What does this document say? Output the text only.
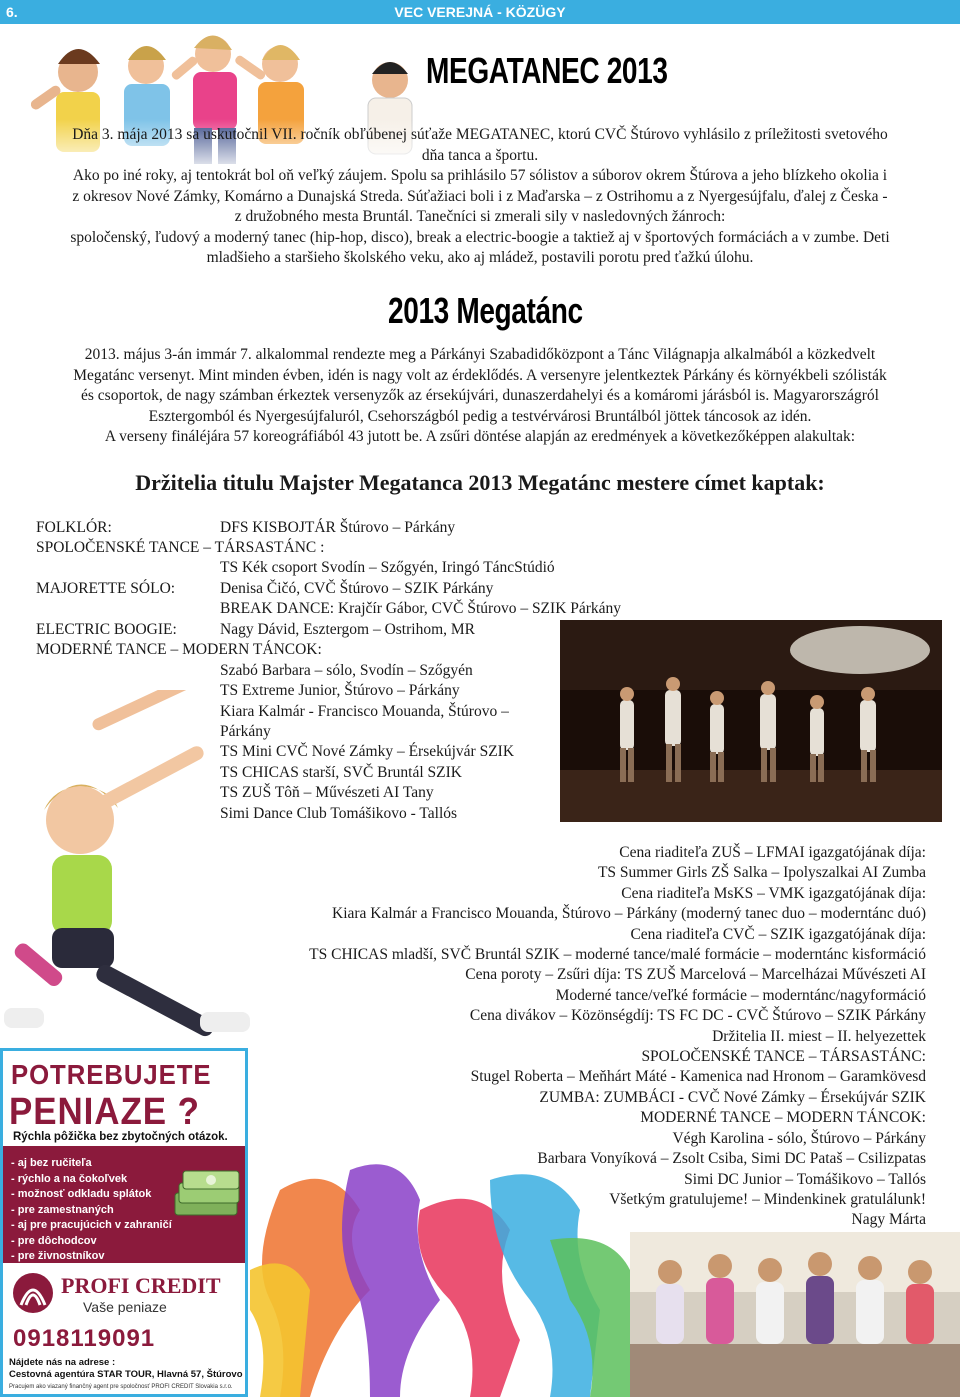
6.	VEC VEREJNÁ - KÖZÜGY
MEGATANEC 2013

Dňa 3. mája 2013 sa uskutočnil VII. ročník obľúbenej súťaže MEGATANEC, ktorú CVČ Štúrovo vyhlásilo z príležitosti svetového

dňa tanca a športu.

Ako po iné roky, aj tentokrát bol oň veľký záujem. Spolu sa prihlásilo 57 sólistov a súborov okrem Štúrova a jeho blízkeho okolia i

z okresov Nové Zámky, Komárno a Dunajská Streda. Súťažiaci boli i z Maďarska – z Ostrihomu a z Nyergesújfalu, ďalej z Česka -

z družobného mesta Bruntál. Tanečníci si zmerali sily v nasledovných žánroch:

spoločenský, ľudový a moderný tanec (hip-hop, disco), break a electric-boogie a taktiež aj v športových formáciách a v zumbe. Deti

mladšieho a staršieho školského veku, ako aj mládež, postavili porotu pred ťažkú úlohu.

2013 Megatánc

2013. május 3-án immár 7. alkalommal rendezte meg a Párkányi Szabadidőközpont a Tánc Világnapja alkalmából a közkedvelt

Megatánc versenyt. Mint minden évben, idén is nagy volt az érdeklődés. A versenyre jelentkeztek Párkány és környékbeli szólisták

és csoportok, de nagy számban érkeztek versenyzők az érsekújvári, dunaszerdahelyi és a komáromi járásból is. Magyarországról

Esztergomból és Nyergesújfaluról, Csehországból pedig a testvérvárosi Bruntálból jöttek táncosok az idén.

A verseny fináléjára 57 koreográfiából 43 jutott be. A zsűri döntése alapján az eredmények a következőképpen alakultak:

Držitelia titulu Majster Megatanca 2013 Megatánc mestere címet kaptak:
FOLKLÓR:	DFS KISBOJTÁR Štúrovo – Párkány
SPOLOČENSKÉ TANCE – TÁRSASTÁNC :
TS Kék csoport Svodín – Szőgyén, Iringó TáncStúdió
MAJORETTE SÓLO:	Denisa Čičó, CVČ Štúrovo – SZIK Párkány
BREAK DANCE: Krajčír Gábor, CVČ Štúrovo – SZIK Párkány
ELECTRIC BOOGIE:	Nagy Dávid, Esztergom – Ostrihom, MR
MODERNÉ TANCE – MODERN TÁNCOK:
Szabó Barbara – sólo, Svodín – Szőgyén
TS Extreme Junior, Štúrovo – Párkány
Kiara Kalmár - Francisco Mouanda, Štúrovo –
Párkány
TS Mini CVČ Nové Zámky – Érsekújvár SZIK
TS CHICAS starší, SVČ Bruntál SZIK
TS ZUŠ Tôň – Művészeti AI Tany
Simi Dance Club Tomášikovo - Tallós
Cena riaditeľa ZUŠ – LFMAI igazgatójának díja:
TS Summer Girls ZŠ Salka – Ipolyszalkai AI Zumba
Cena riaditeľa MsKS – VMK igazgatójának díja:
Kiara Kalmár a Francisco Mouanda, Štúrovo – Párkány (moderný tanec duo – moderntánc duó)
Cena riaditeľa CVČ – SZIK igazgatójának díja:
TS CHICAS mladší, SVČ Bruntál SZIK – moderné tance/malé formácie – moderntánc kisformáció
Cena poroty – Zsűri díja: TS ZUŠ Marcelová – Marcelházai Művészeti AI
Moderné tance/veľké formácie – moderntánc/nagyformáció
Cena divákov – Közönségdíj: TS FC DC - CVČ Štúrovo – SZIK Párkány
Držitelia II. miest – II. helyezettek
SPOLOČENSKÉ TANCE – TÁRSASTÁNC:
Stugel Roberta – Meňhárt Máté - Kamenica nad Hronom – Garamkövesd
ZUMBA: ZUMBÁCI - CVČ Nové Zámky – Érsekújvár SZIK
MODERNÉ TANCE – MODERN TÁNCOK:
Végh Karolina - sólo, Štúrovo – Párkány
Barbara Vonyíková – Zsolt Csiba, Simi DC Pataš – Csilizpatas
Simi DC Junior – Tomášikovo – Tallós
Všetkým gratulujeme! – Mindenkinek gratulálunk!
Nagy Márta
POTREBUJETE
PENIAZE ?
Rýchla pôžička bez zbytočných otázok.
- aj bez ručiteľa
- rýchlo a na čokoľvek
- možnosť odkladu splátok
- pre zamestnaných
- aj pre pracujúcich v zahraničí
- pre dôchodcov
- pre živnostníkov
PROFI CREDIT
Vaše peniaze
0918119091
Nájdete nás na adrese :
Cestovná agentúra STAR TOUR, Hlavná 57, Štúrovo
Pracujem ako viazaný finančný agent pre spoločnosť PROFI CREDIT Slovakia s.r.o.
